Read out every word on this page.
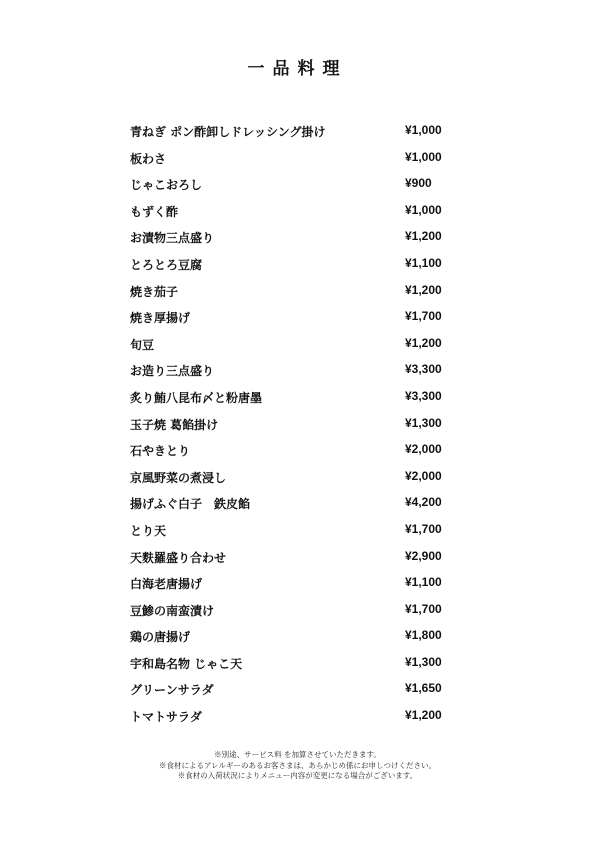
一品料理
青ねぎ ポン酢卸しドレッシング掛け	¥1,000
板わさ	¥1,000
じゃこおろし	¥900
もずく酢	¥1,000
お漬物三点盛り	¥1,200
とろとろ豆腐	¥1,100
焼き茄子	¥1,200
焼き厚揚げ	¥1,700
旬豆	¥1,200
お造り三点盛り	¥3,300
炙り鮪八昆布〆と粉唐墨	¥3,300
玉子焼 葛餡掛け	¥1,300
石やきとり	¥2,000
京風野菜の煮浸し	¥2,000
揚げふぐ白子　鉄皮餡	¥4,200
とり天	¥1,700
天麩羅盛り合わせ	¥2,900
白海老唐揚げ	¥1,100
豆鯵の南蛮漬け	¥1,700
鶏の唐揚げ	¥1,800
宇和島名物 じゃこ天	¥1,300
グリーンサラダ	¥1,650
トマトサラダ	¥1,200
※別途、サービス料 を加算させていただきます。
※食材によるアレルギーのあるお客さまは、あらかじめ係にお申しつけください。
※食材の入荷状況によりメニュー内容が変更になる場合がございます。
